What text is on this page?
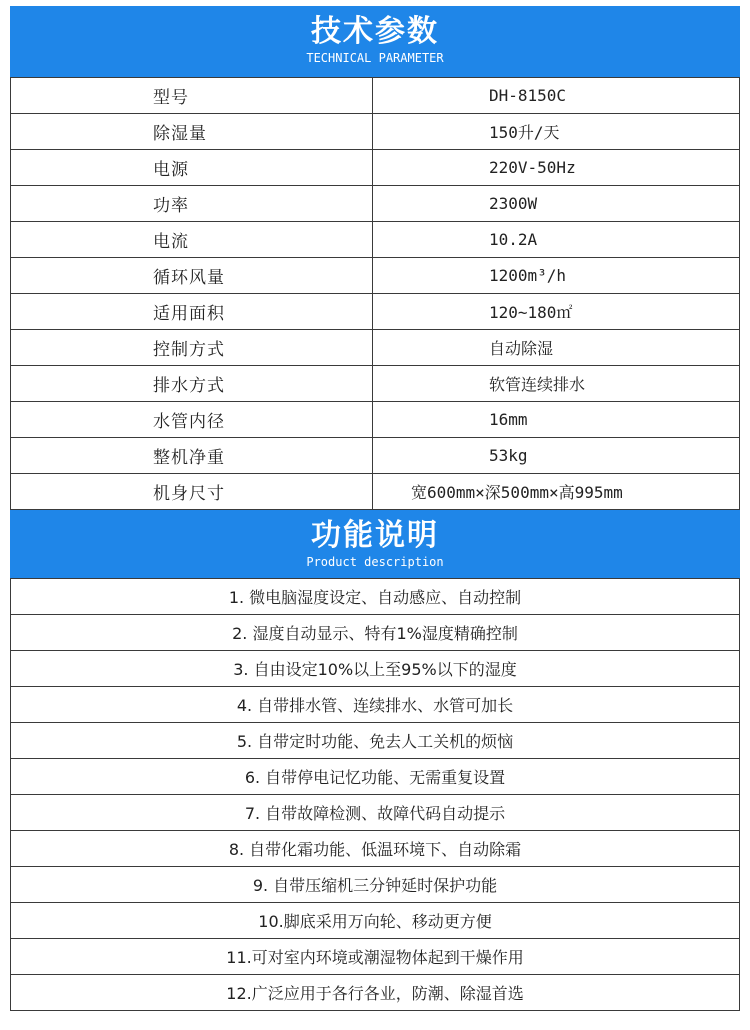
技术参数
TECHNICAL PARAMETER
型号	DH-8150C
除湿量	150升/天
电源	220V-50Hz
功率	2300W
电流	10.2A
循环风量	1200m³/h
适用面积	120~180㎡
控制方式	自动除湿
排水方式	软管连续排水
水管内径	16mm
整机净重	53kg
机身尺寸	宽600mm×深500mm×高995mm
功能说明
Product description
1. 微电脑湿度设定、自动感应、自动控制
2. 湿度自动显示、特有1%湿度精确控制
3. 自由设定10%以上至95%以下的湿度
4. 自带排水管、连续排水、水管可加长
5. 自带定时功能、免去人工关机的烦恼
6. 自带停电记忆功能、无需重复设置
7. 自带故障检测、故障代码自动提示
8. 自带化霜功能、低温环境下、自动除霜
9. 自带压缩机三分钟延时保护功能
10.脚底采用万向轮、移动更方便
11.可对室内环境或潮湿物体起到干燥作用
12.广泛应用于各行各业，防潮、除湿首选
